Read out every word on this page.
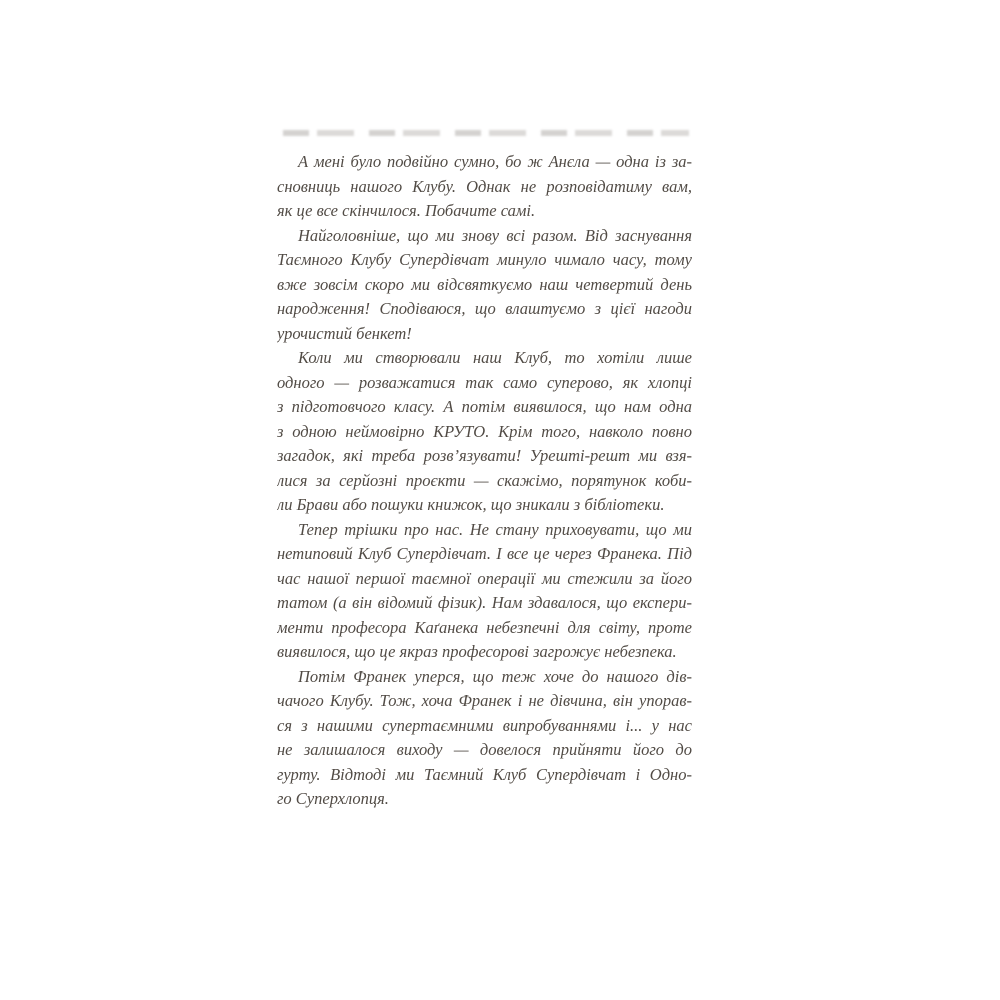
А мені було подвійно сумно, бо ж Анєла — одна із за-
сновниць нашого Клубу. Однак не розповідатиму вам,
як це все скінчилося. Побачите самі.
Найголовніше, що ми знову всі разом. Від заснування
Таємного Клубу Супердівчат минуло чимало часу, тому
вже зовсім скоро ми відсвяткуємо наш четвертий день
народження! Сподіваюся, що влаштуємо з цієї нагоди
урочистий бенкет!
Коли ми створювали наш Клуб, то хотіли лише
одного — розважатися так само суперово, як хлопці
з підготовчого класу. А потім виявилося, що нам одна
з одною неймовірно КРУТО. Крім того, навколо повно
загадок, які треба розв’язувати! Урешті-решт ми взя-
лися за серйозні проєкти — скажімо, порятунок коби-
ли Брави або пошуки книжок, що зникали з бібліотеки.
Тепер трішки про нас. Не стану приховувати, що ми
нетиповий Клуб Супердівчат. І все це через Франека. Під
час нашої першої таємної операції ми стежили за його
татом (а він відомий фізик). Нам здавалося, що експери-
менти професора Каґанека небезпечні для світу, проте
виявилося, що це якраз професорові загрожує небезпека.
Потім Франек уперся, що теж хоче до нашого дів-
чачого Клубу. Тож, хоча Франек і не дівчина, він упорав-
ся з нашими супертаємними випробуваннями і... у нас
не залишалося виходу — довелося прийняти його до
гурту. Відтоді ми Таємний Клуб Супердівчат і Одно-
го Суперхлопця.
